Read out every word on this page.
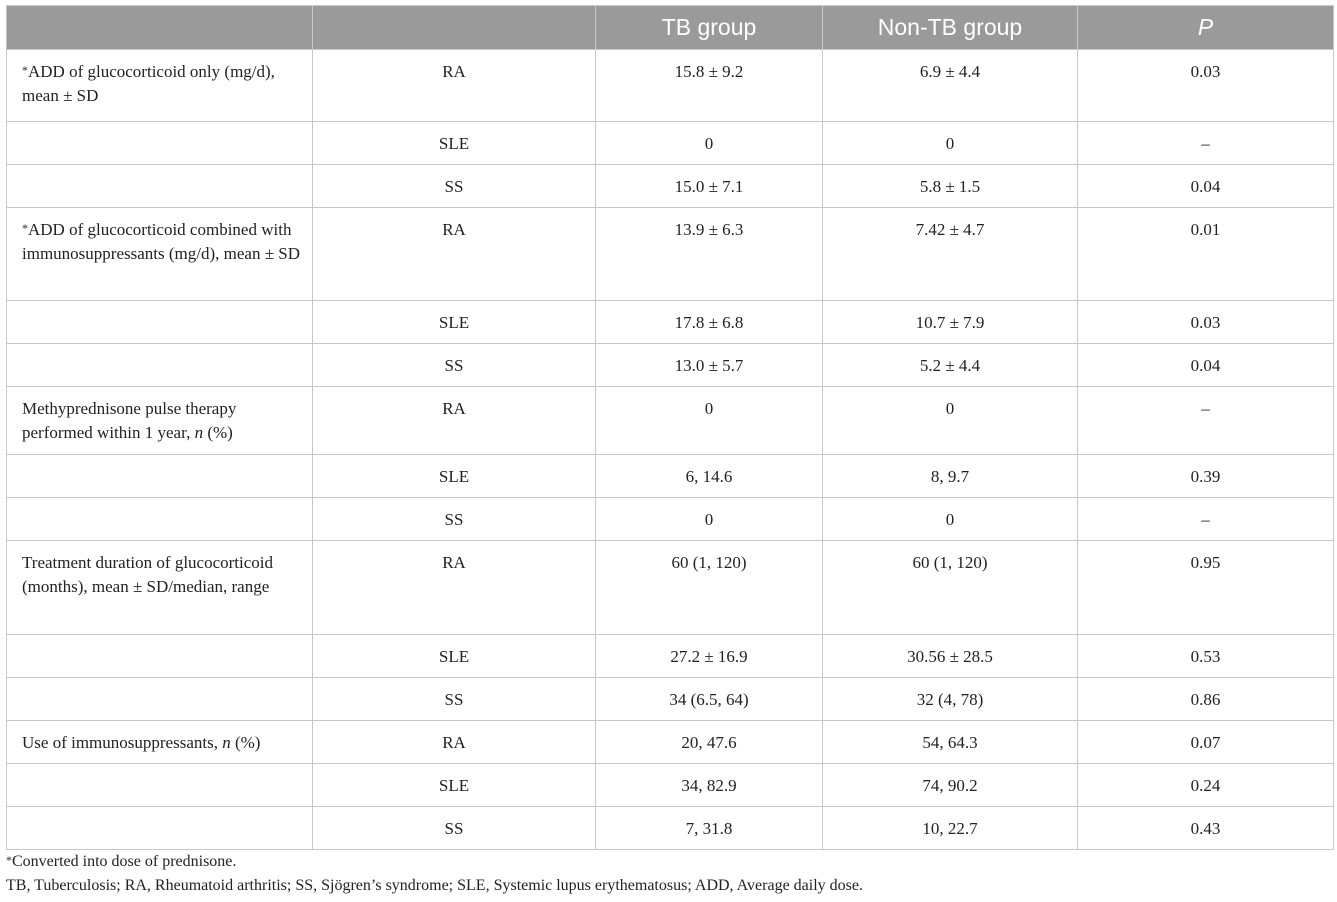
		TB group	Non-TB group	P
*ADD of glucocorticoid only (mg/d), mean ± SD	RA	15.8 ± 9.2	6.9 ± 4.4	0.03
	SLE	0	0	–
	SS	15.0 ± 7.1	5.8 ± 1.5	0.04
*ADD of glucocorticoid combined with immunosuppressants (mg/d), mean ± SD	RA	13.9 ± 6.3	7.42 ± 4.7	0.01
	SLE	17.8 ± 6.8	10.7 ± 7.9	0.03
	SS	13.0 ± 5.7	5.2 ± 4.4	0.04
Methyprednisone pulse therapy performed within 1 year, n (%)	RA	0	0	–
	SLE	6, 14.6	8, 9.7	0.39
	SS	0	0	–
Treatment duration of glucocorticoid (months), mean ± SD/median, range	RA	60 (1, 120)	60 (1, 120)	0.95
	SLE	27.2 ± 16.9	30.56 ± 28.5	0.53
	SS	34 (6.5, 64)	32 (4, 78)	0.86
Use of immunosuppressants, n (%)	RA	20, 47.6	54, 64.3	0.07
	SLE	34, 82.9	74, 90.2	0.24
	SS	7, 31.8	10, 22.7	0.43
*Converted into dose of prednisone.
TB, Tuberculosis; RA, Rheumatoid arthritis; SS, Sjögren’s syndrome; SLE, Systemic lupus erythematosus; ADD, Average daily dose.
